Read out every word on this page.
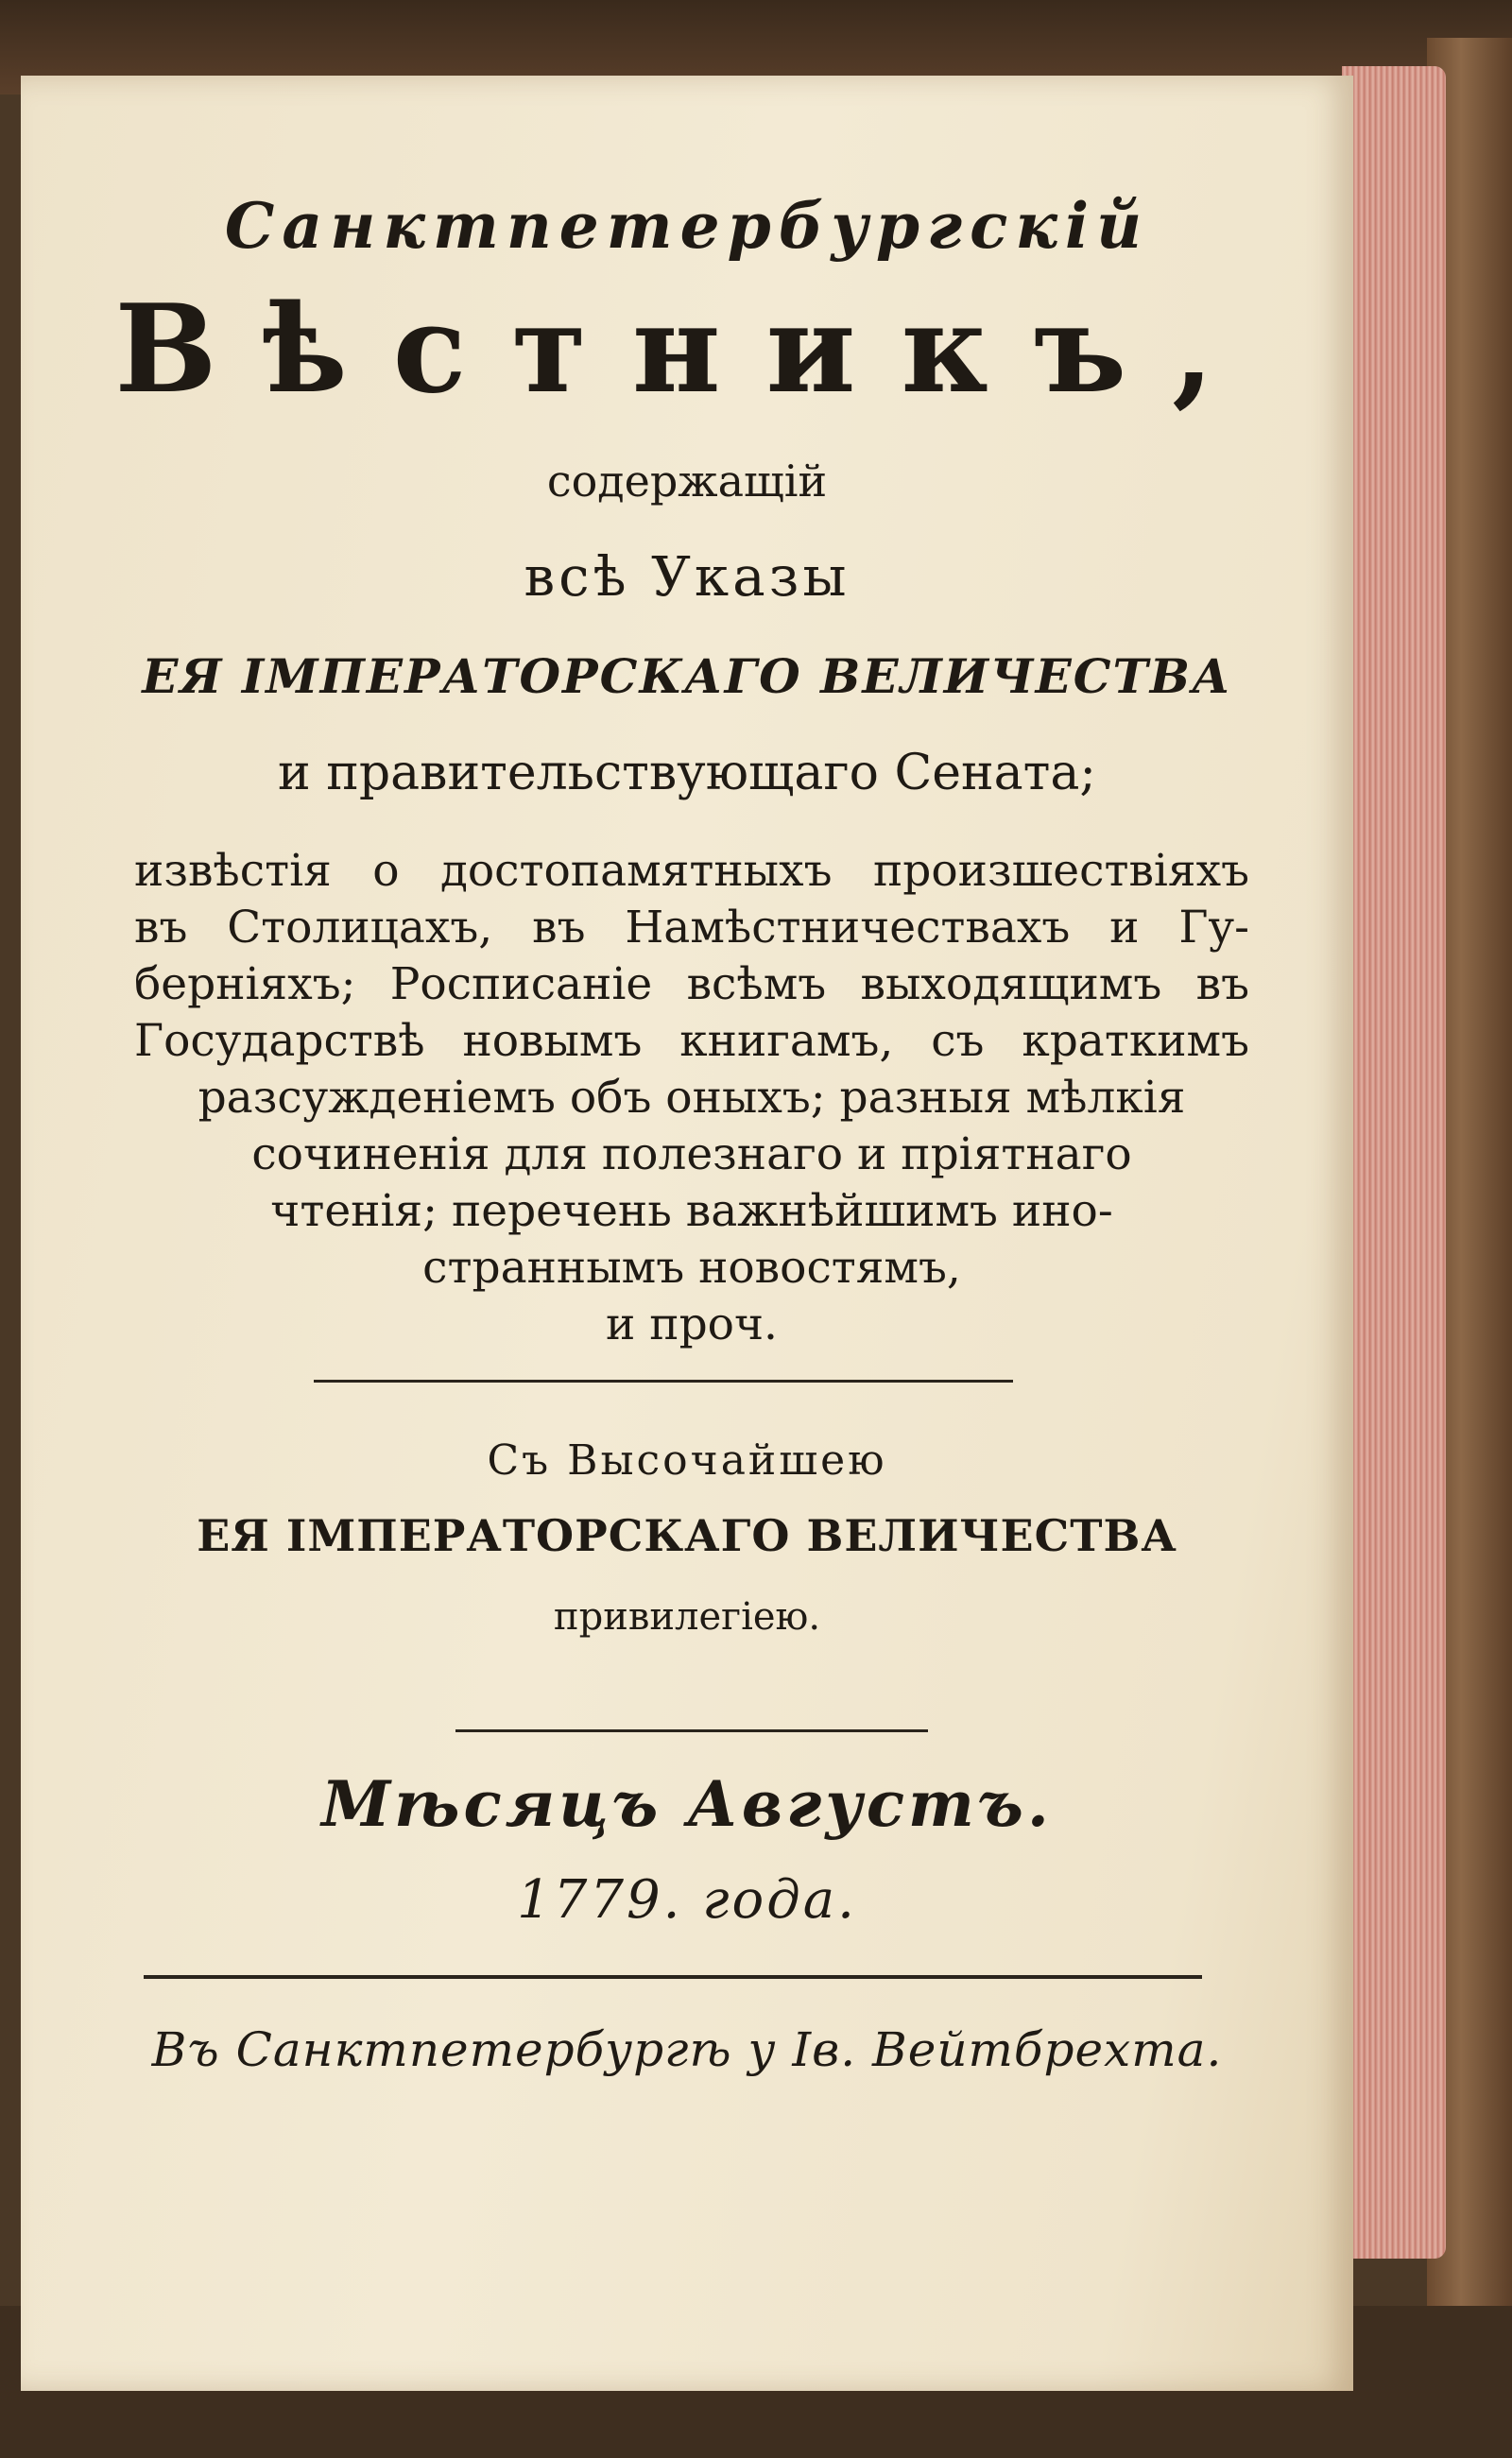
Санктпетербургскій
Вѣстникъ,
содержащій
всѣ Указы
ЕЯ ІМПЕРАТОРСКАГО ВЕЛИЧЕСТВА
и правительствующаго Сената;
извѣстія о достопамятныхъ произшествіяхъ
въ Столицахъ, въ Намѣстничествахъ и Гу-
берніяхъ; Росписаніе всѣмъ выходящимъ въ
Государствѣ новымъ книгамъ, съ краткимъ
разсужденіемъ объ оныхъ; разныя мѣлкія
сочиненія для полезнаго и пріятнаго
чтенія; перечень важнѣйшимъ ино-
страннымъ новостямъ,
и проч.
Съ Высочайшею
ЕЯ ІМПЕРАТОРСКАГО ВЕЛИЧЕСТВА
привилегіею.
Мѣсяцъ Августъ.
1779. года.
Въ Санктпетербургѣ у Ів. Вейтбрехта.
